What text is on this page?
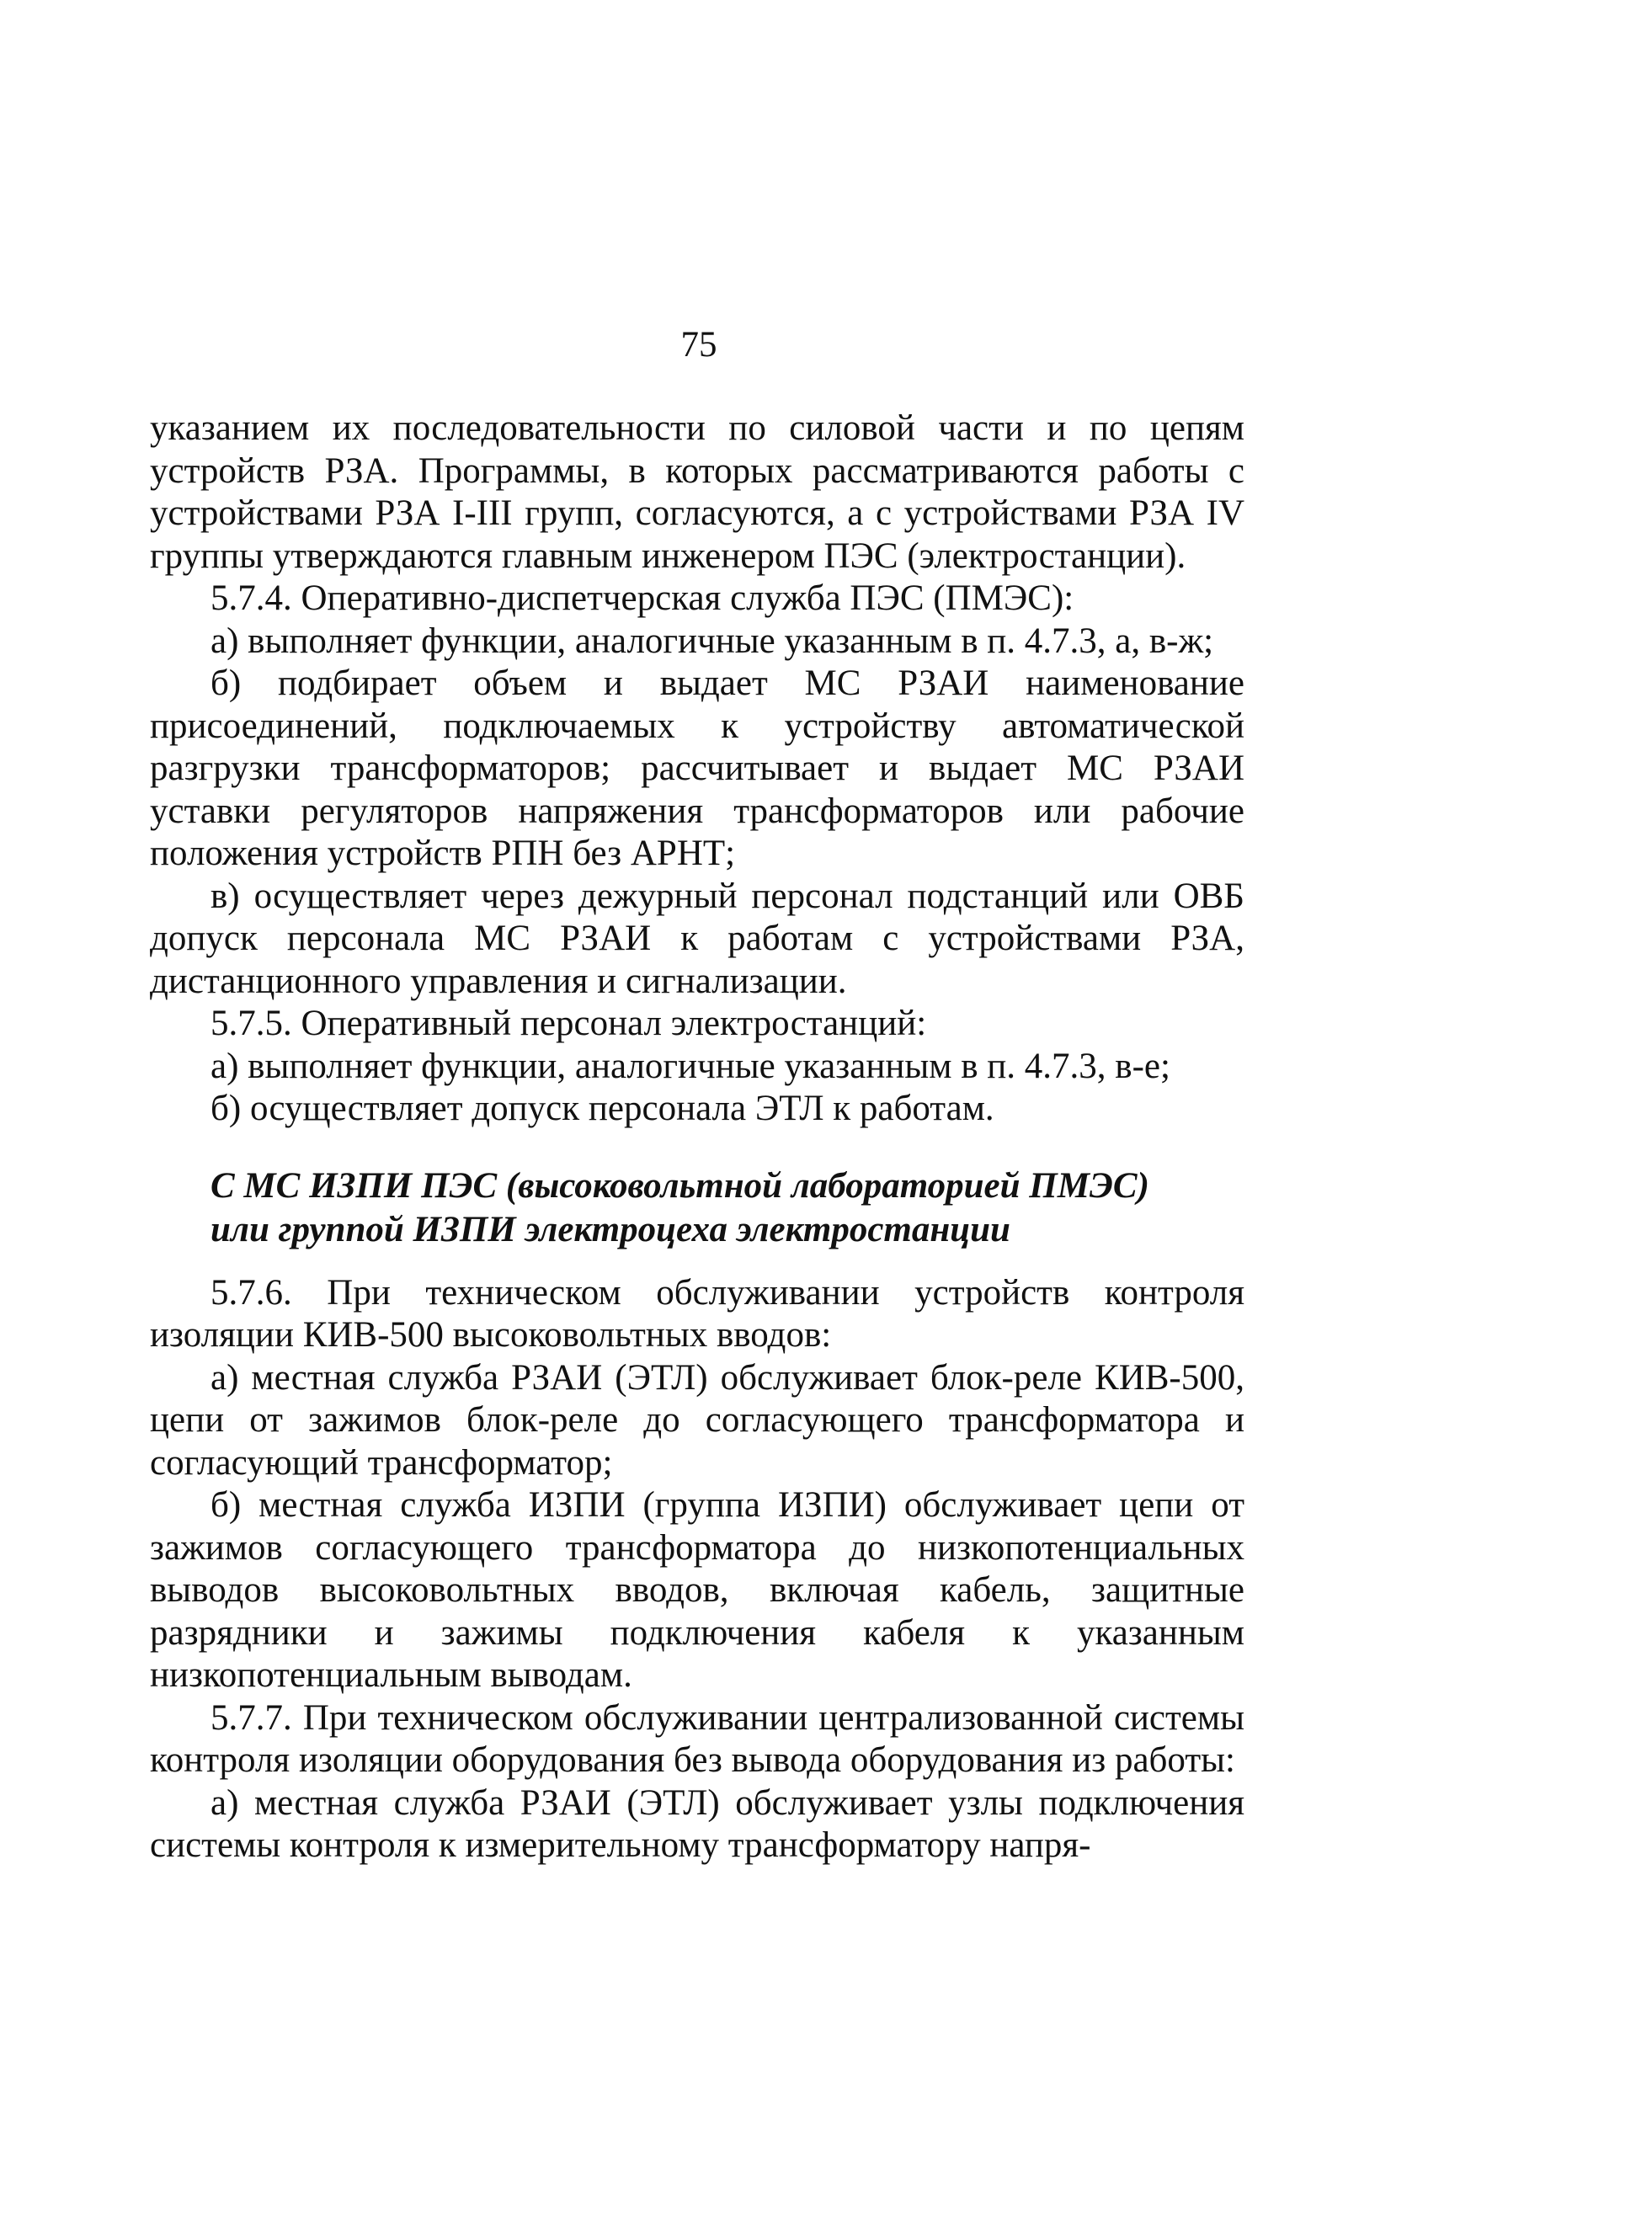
75

указанием их последовательности по силовой части и по цепям устройств РЗА. Программы, в которых рассматриваются работы с устройствами РЗА I-III групп, согласуются, а с устройствами РЗА IV группы утверждаются главным инженером ПЭС (электростанции).

5.7.4. Оперативно-диспетчерская служба ПЭС (ПМЭС):

а) выполняет функции, аналогичные указанным в п. 4.7.3, а, в-ж;

б) подбирает объем и выдает МС РЗАИ наименование присоединений, подключаемых к устройству автоматической разгрузки трансформаторов; рассчитывает и выдает МС РЗАИ уставки регуляторов напряжения трансформаторов или рабочие положения устройств РПН без АРНТ;

в) осуществляет через дежурный персонал подстанций или ОВБ допуск персонала МС РЗАИ к работам с устройствами РЗА, дистанционного управления и сигнализации.

5.7.5. Оперативный персонал электростанций:

а) выполняет функции, аналогичные указанным в п. 4.7.3, в-е;

б) осуществляет допуск персонала ЭТЛ к работам.

С МС ИЗПИ ПЭС (высоковольтной лабораторией ПМЭС)
или группой ИЗПИ электроцеха электростанции

5.7.6. При техническом обслуживании устройств контроля изоляции КИВ-500 высоковольтных вводов:

а) местная служба РЗАИ (ЭТЛ) обслуживает блок-реле КИВ-500, цепи от зажимов блок-реле до согласующего трансформатора и согласующий трансформатор;

б) местная служба ИЗПИ (группа ИЗПИ) обслуживает цепи от зажимов согласующего трансформатора до низкопотенциальных выводов высоковольтных вводов, включая кабель, защитные разрядники и зажимы подключения кабеля к указанным низкопотенциальным выводам.

5.7.7. При техническом обслуживании централизованной системы контроля изоляции оборудования без вывода оборудования из работы:

а) местная служба РЗАИ (ЭТЛ) обслуживает узлы подключения системы контроля к измерительному трансформатору напря-
